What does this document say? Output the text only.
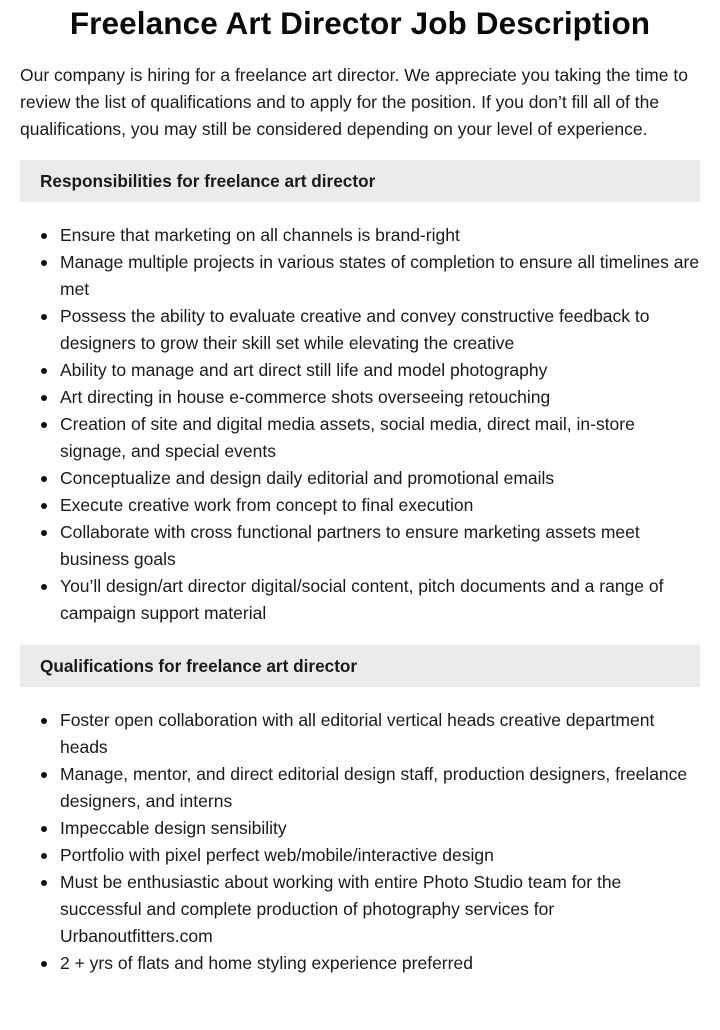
Freelance Art Director Job Description

Our company is hiring for a freelance art director. We appreciate you taking the time to review the list of qualifications and to apply for the position. If you don’t fill all of the qualifications, you may still be considered depending on your level of experience.

Responsibilities for freelance art director
Ensure that marketing on all channels is brand-right
Manage multiple projects in various states of completion to ensure all timelines are met
Possess the ability to evaluate creative and convey constructive feedback to designers to grow their skill set while elevating the creative
Ability to manage and art direct still life and model photography
Art directing in house e-commerce shots overseeing retouching
Creation of site and digital media assets, social media, direct mail, in-store signage, and special events
Conceptualize and design daily editorial and promotional emails
Execute creative work from concept to final execution
Collaborate with cross functional partners to ensure marketing assets meet business goals
You’ll design/art director digital/social content, pitch documents and a range of campaign support material
Qualifications for freelance art director
Foster open collaboration with all editorial vertical heads creative department heads
Manage, mentor, and direct editorial design staff, production designers, freelance designers, and interns
Impeccable design sensibility
Portfolio with pixel perfect web/mobile/interactive design
Must be enthusiastic about working with entire Photo Studio team for the successful and complete production of photography services for Urbanoutfitters.com
2 + yrs of flats and home styling experience preferred
